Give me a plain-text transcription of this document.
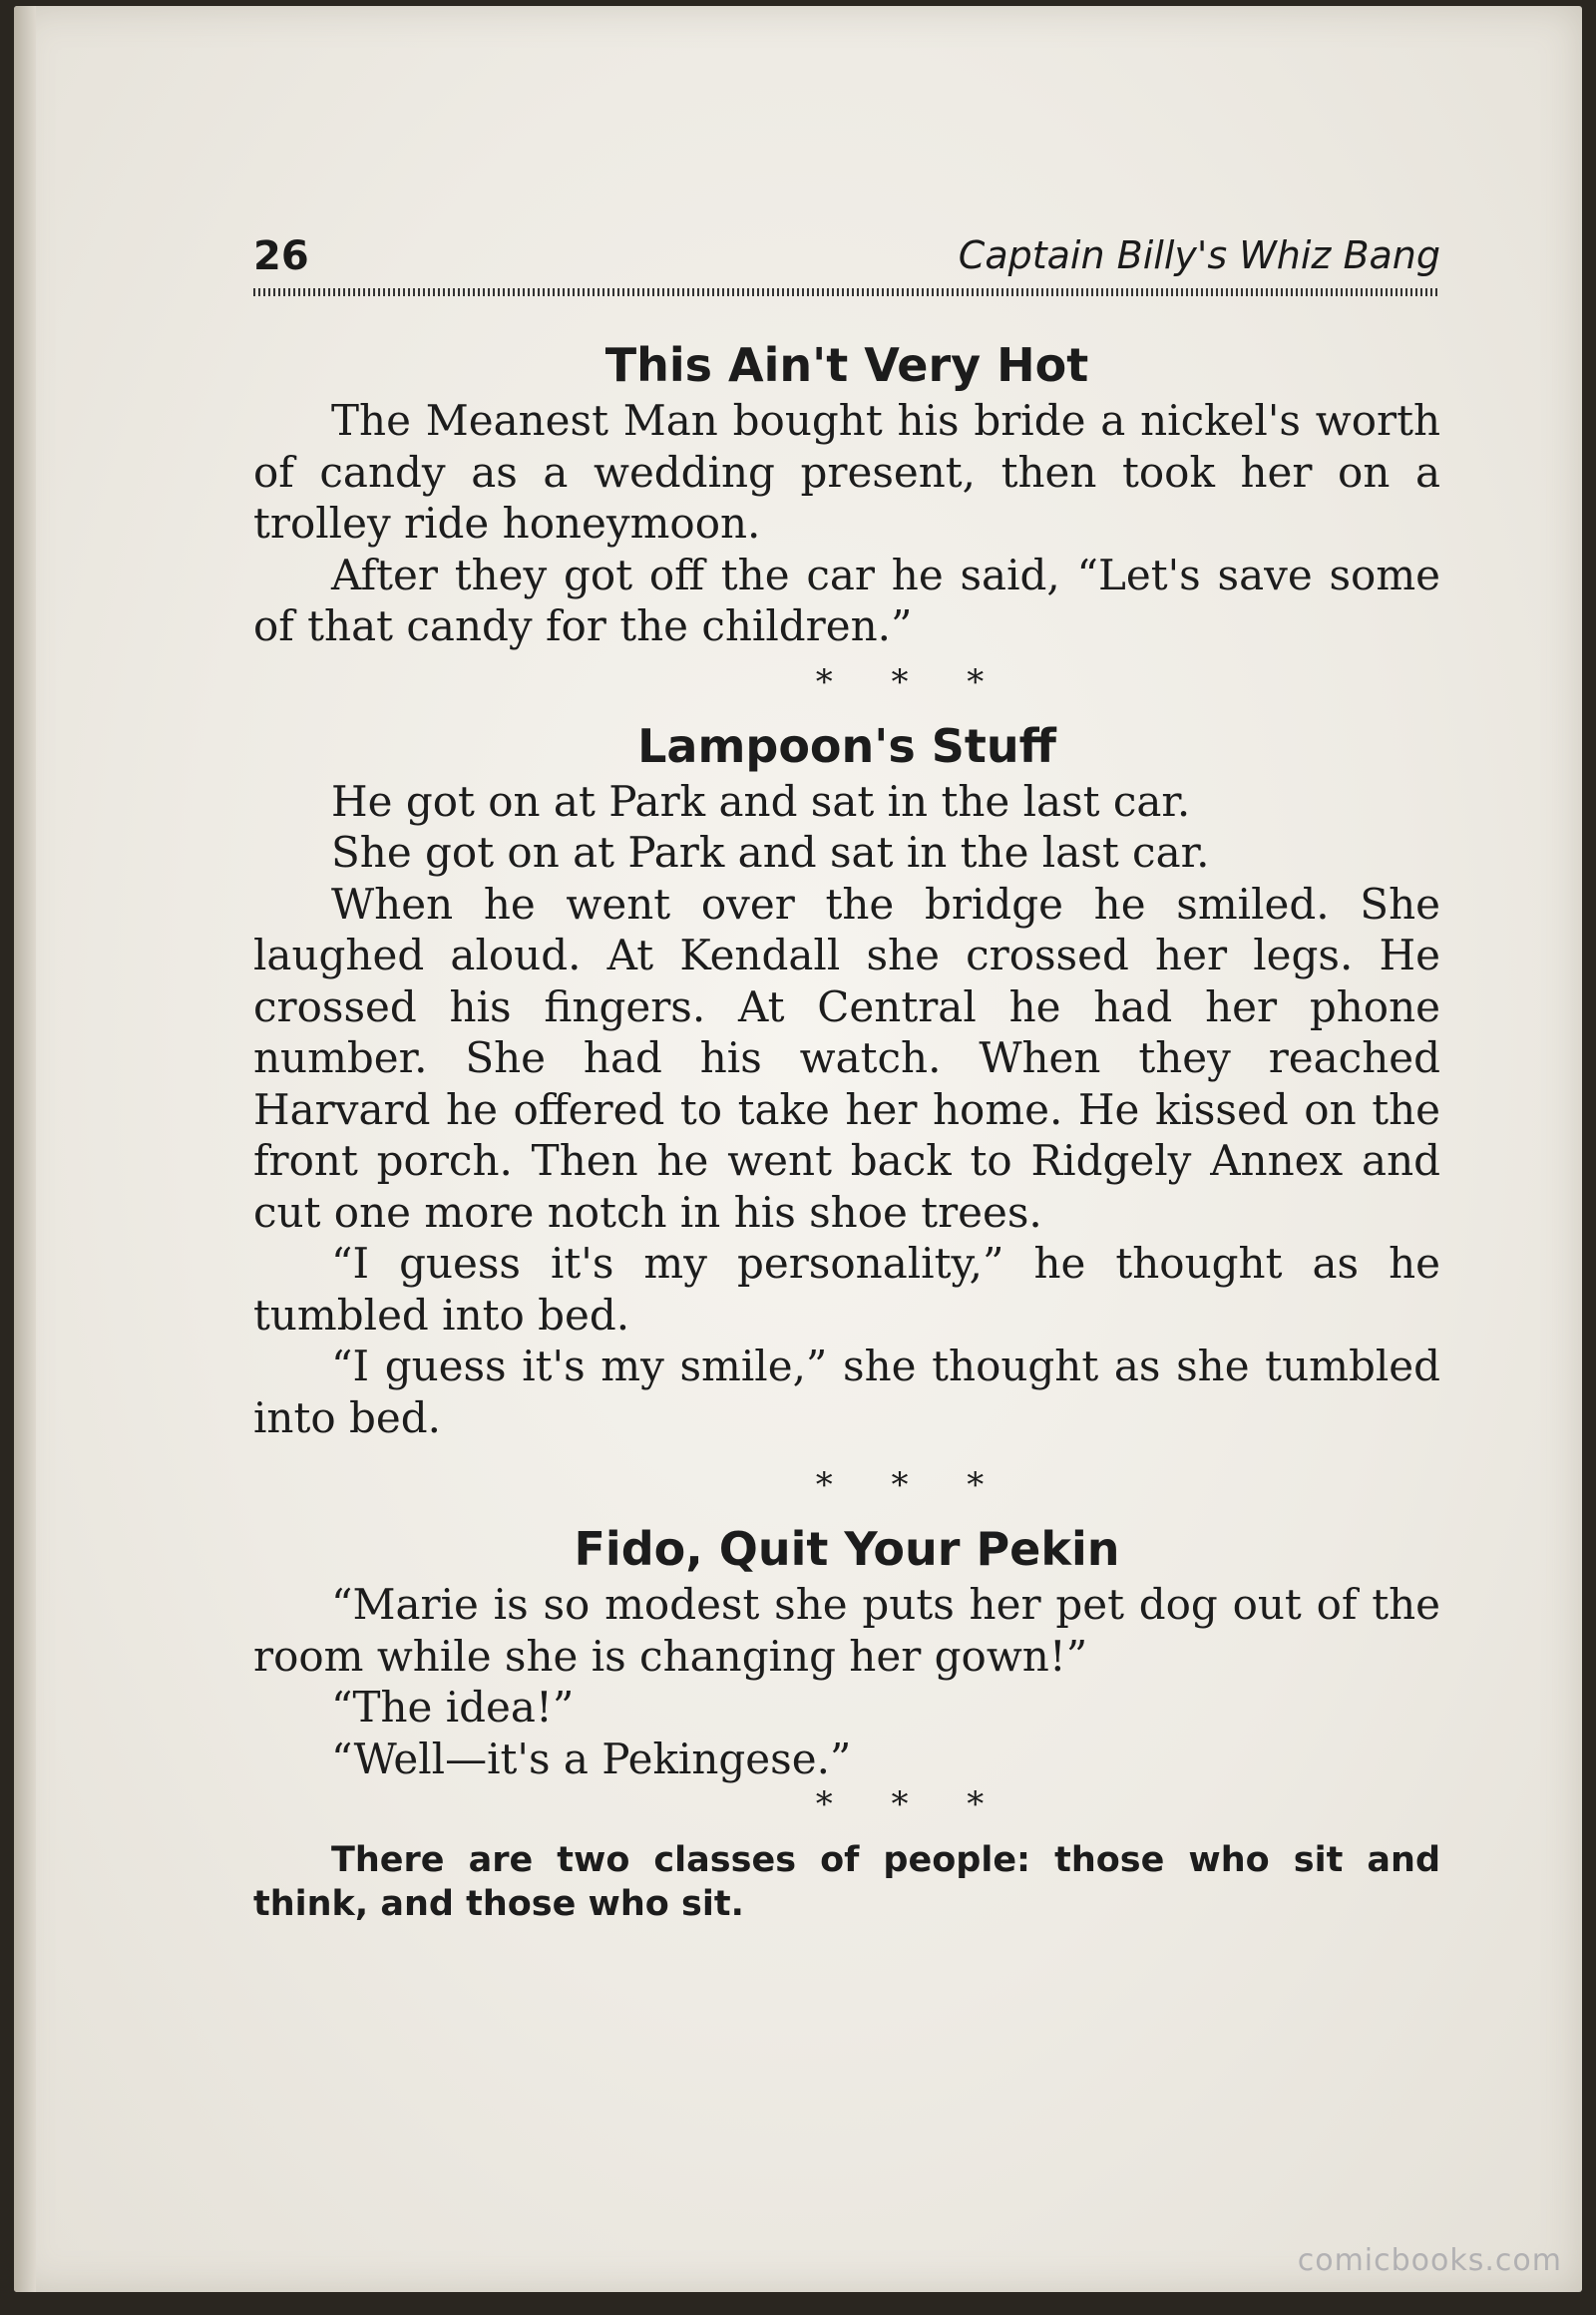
26	Captain Billy's Whiz Bang
This Ain't Very Hot

The Meanest Man bought his bride a nickel's worth of candy as a wedding present, then took her on a trolley ride honeymoon.

After they got off the car he said, “Let's save some of that candy for the children.”

* * *
Lampoon's Stuff

He got on at Park and sat in the last car.

She got on at Park and sat in the last car.

When he went over the bridge he smiled. She laughed aloud. At Kendall she crossed her legs. He crossed his fingers. At Central he had her phone number. She had his watch. When they reached Harvard he offered to take her home. He kissed on the front porch. Then he went back to Ridgely Annex and cut one more notch in his shoe trees.

“I guess it's my personality,” he thought as he tumbled into bed.

“I guess it's my smile,” she thought as she tumbled into bed.

* * *
Fido, Quit Your Pekin

“Marie is so modest she puts her pet dog out of the room while she is changing her gown!”

“The idea!”

“Well—it's a Pekingese.”

* * *

There are two classes of people: those who sit and think, and those who sit.

comicbooks.com
